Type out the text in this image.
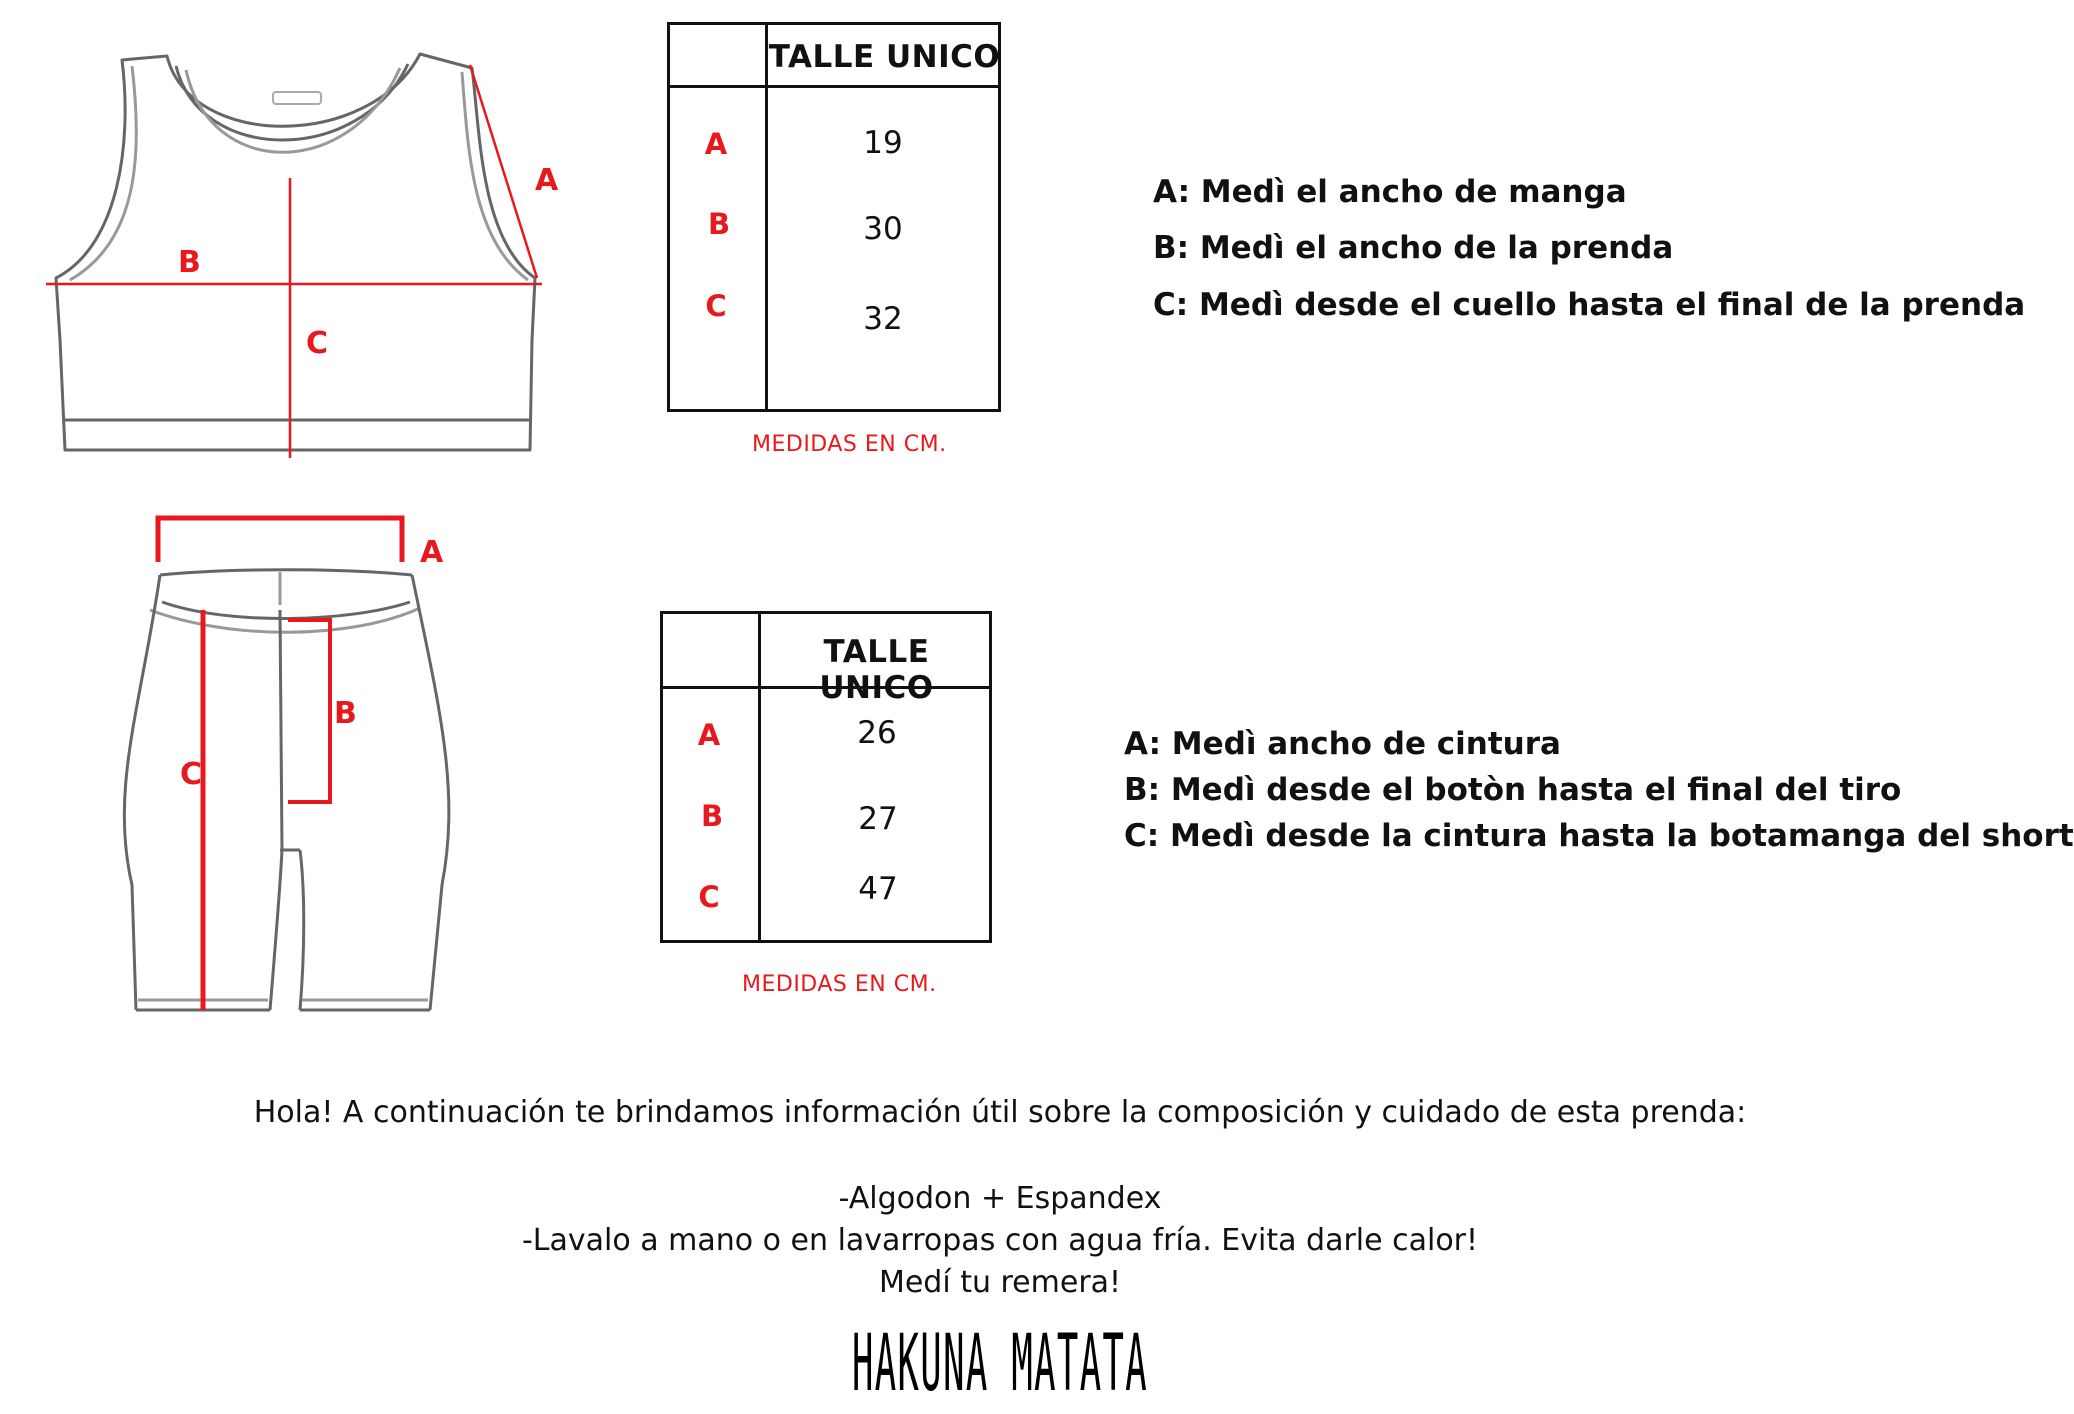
A
B
C
TALLE UNICO
A	19
B	30
C	32
MEDIDAS EN CM.
A: Medì el ancho de manga
B: Medì el ancho de la prenda
C: Medì desde el cuello hasta el final de la prenda
A
B
C
TALLE UNICO
A	26
B	27
C	47
MEDIDAS EN CM.
A: Medì ancho de cintura
B: Medì desde el botòn hasta el final del tiro
C: Medì desde la cintura hasta la botamanga del short
Hola! A continuación te brindamos información útil sobre la composición y cuidado de esta prenda:
-Algodon + Espandex
-Lavalo a mano o en lavarropas con agua fría. Evita darle calor!
Medí tu remera!
HAKUNA MATATA
